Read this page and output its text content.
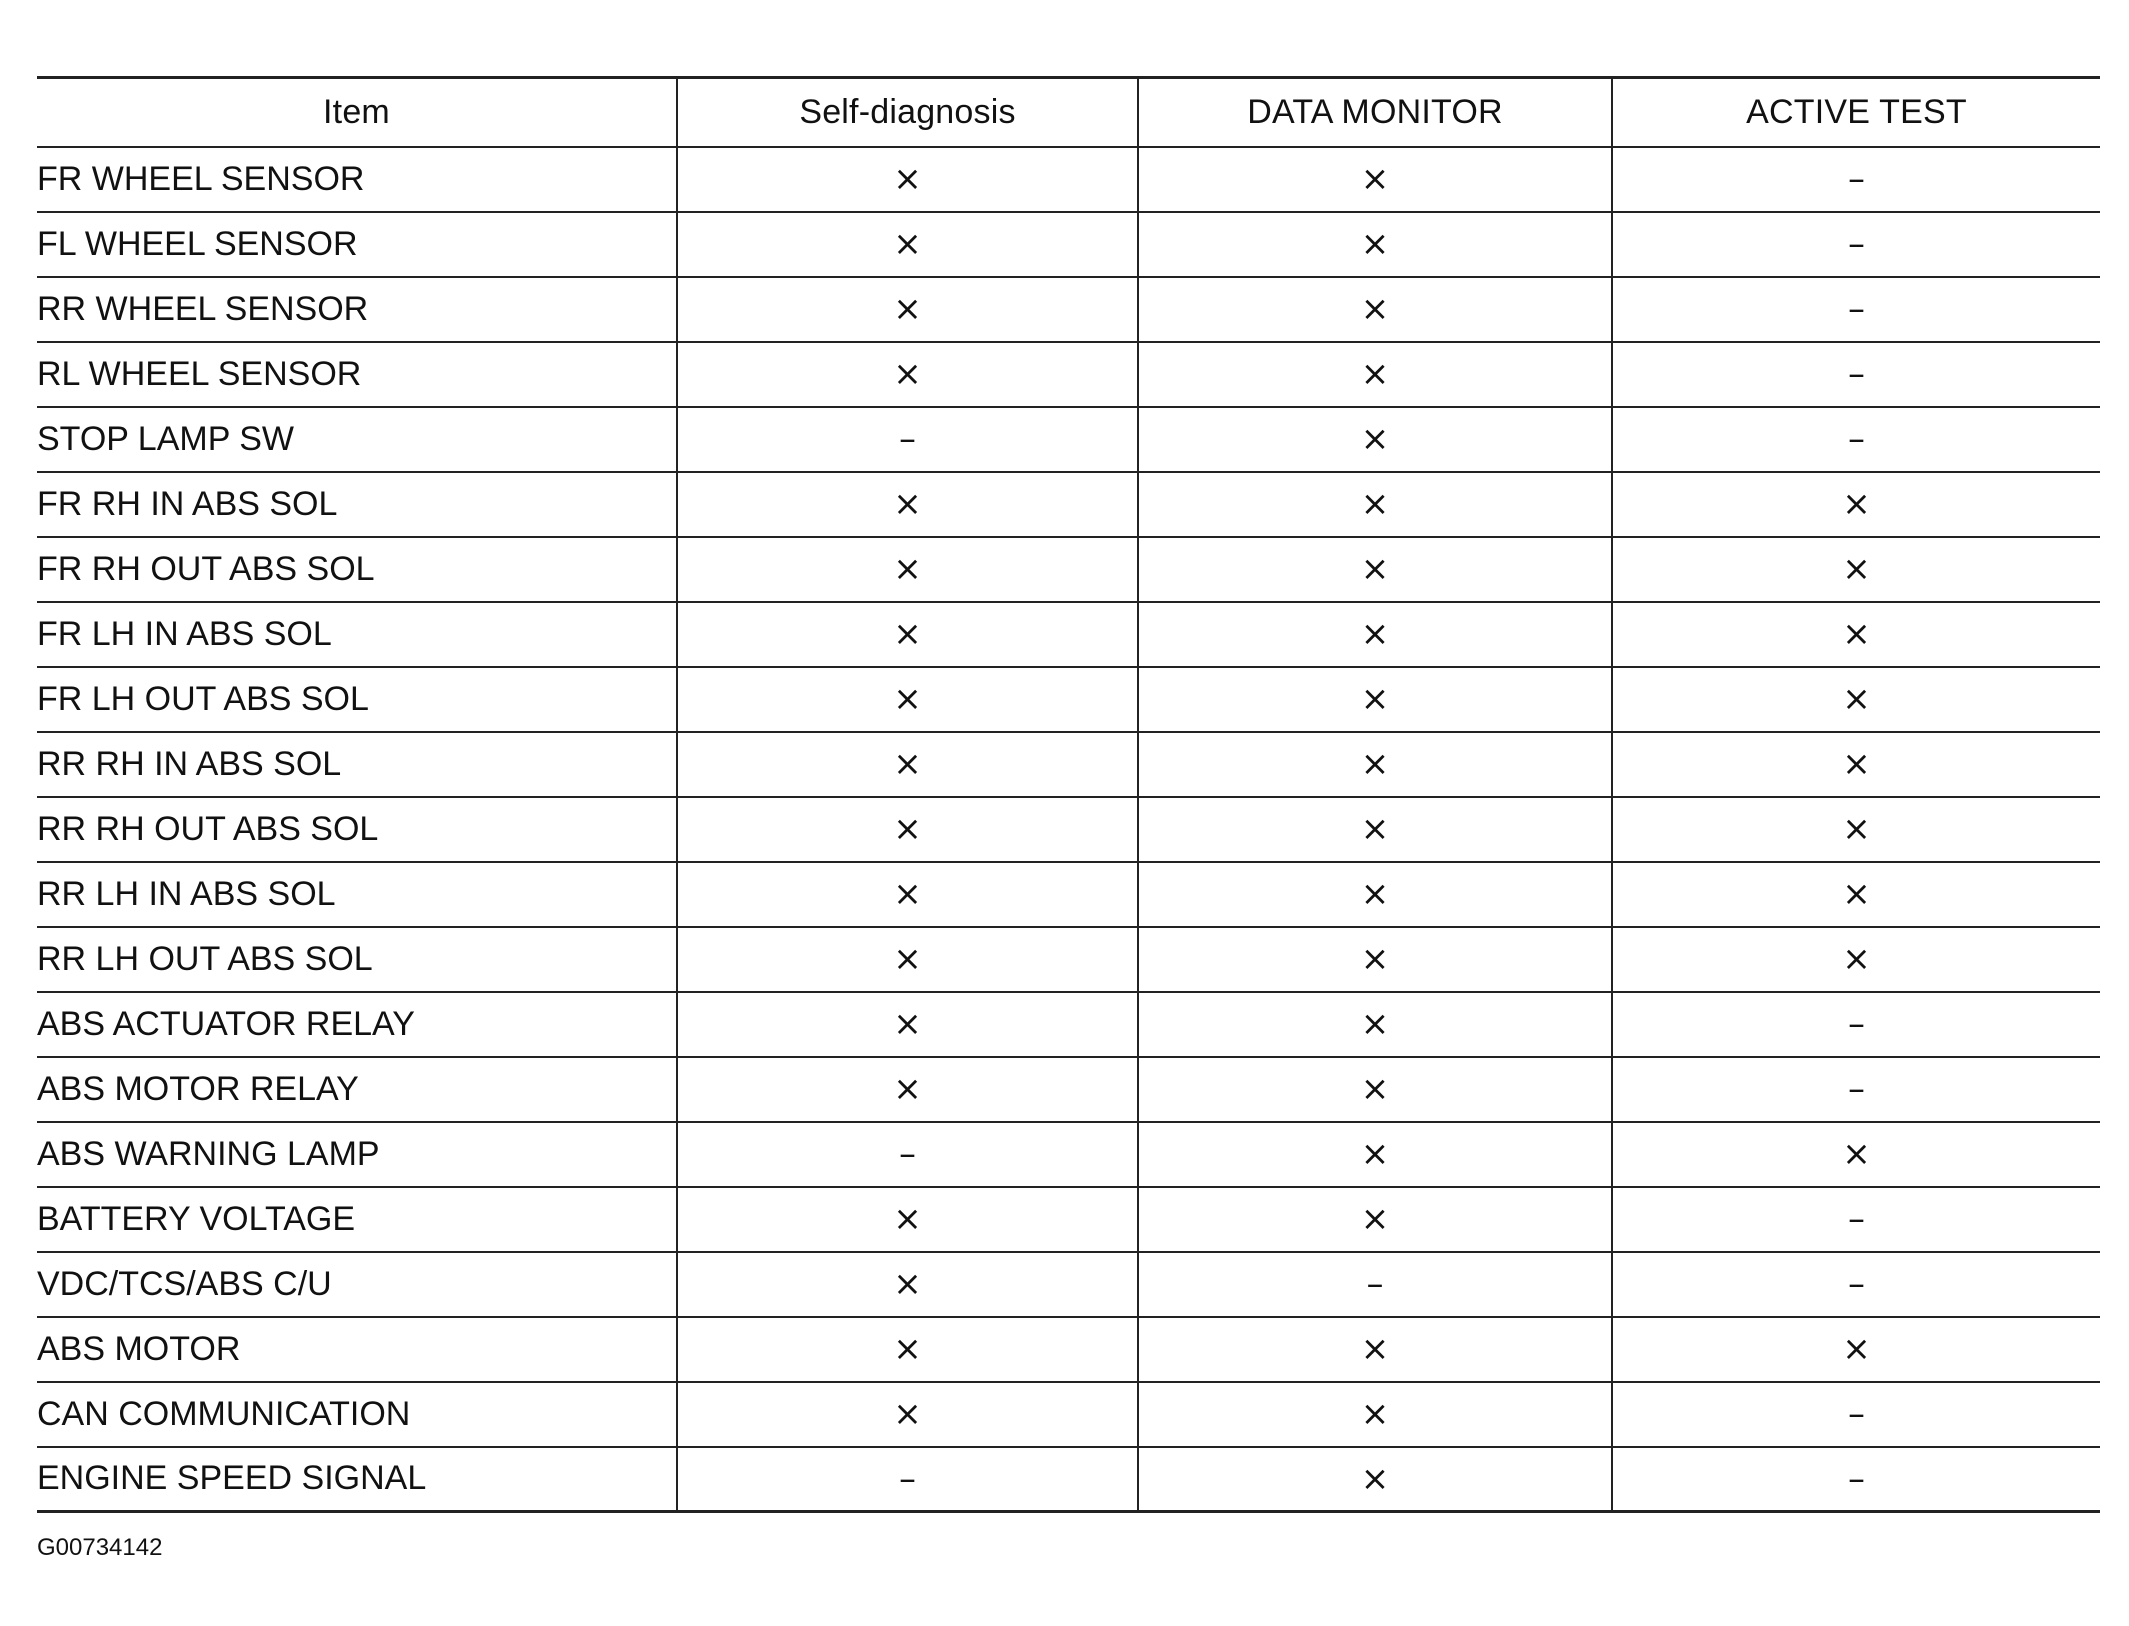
Item	Self-diagnosis	DATA MONITOR	ACTIVE TEST
FR WHEEL SENSOR	×	×	–
FL WHEEL SENSOR	×	×	–
RR WHEEL SENSOR	×	×	–
RL WHEEL SENSOR	×	×	–
STOP LAMP SW	–	×	–
FR RH IN ABS SOL	×	×	×
FR RH OUT ABS SOL	×	×	×
FR LH IN ABS SOL	×	×	×
FR LH OUT ABS SOL	×	×	×
RR RH IN ABS SOL	×	×	×
RR RH OUT ABS SOL	×	×	×
RR LH IN ABS SOL	×	×	×
RR LH OUT ABS SOL	×	×	×
ABS ACTUATOR RELAY	×	×	–
ABS MOTOR RELAY	×	×	–
ABS WARNING LAMP	–	×	×
BATTERY VOLTAGE	×	×	–
VDC/TCS/ABS C/U	×	–	–
ABS MOTOR	×	×	×
CAN COMMUNICATION	×	×	–
ENGINE SPEED SIGNAL	–	×	–
G00734142
